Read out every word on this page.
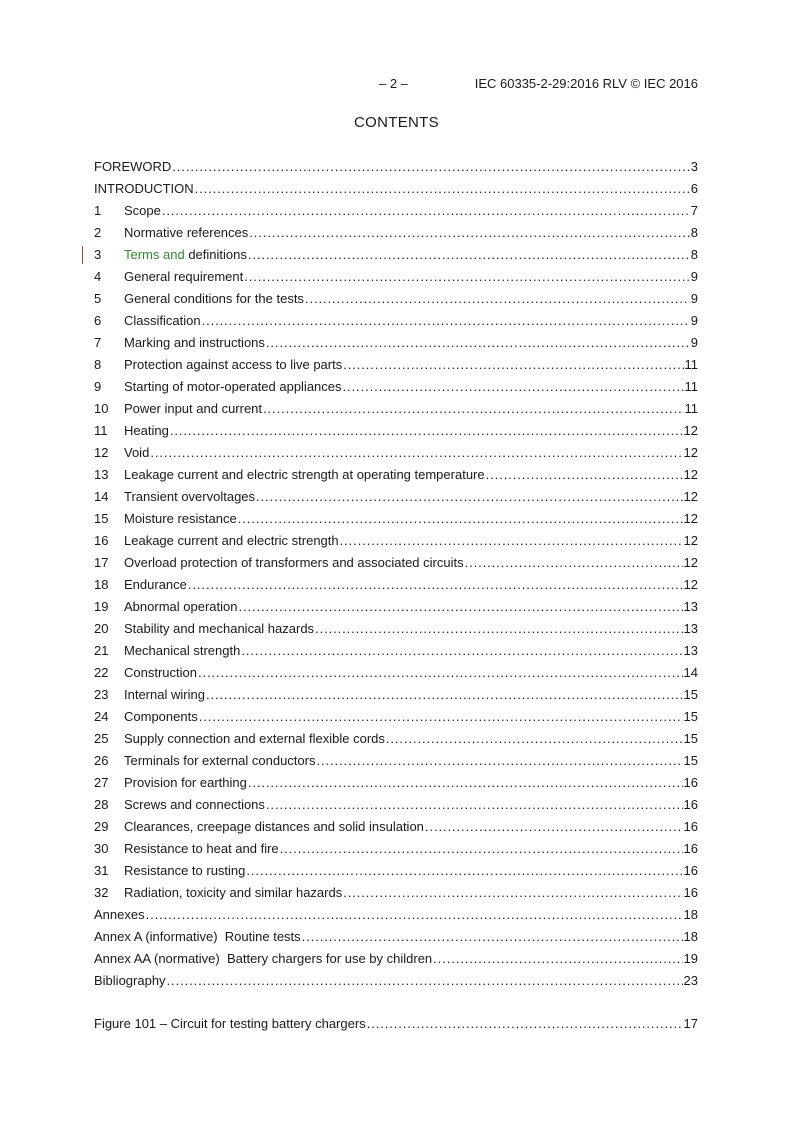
– 2 –	IEC 60335-2-29:2016 RLV © IEC 2016
CONTENTS
FOREWORD .....	3
INTRODUCTION .....	6
1	Scope .....	7
2	Normative references .....	8
3	Terms and definitions .....	8
4	General requirement .....	9
5	General conditions for the tests .....	9
6	Classification .....	9
7	Marking and instructions .....	9
8	Protection against access to live parts .....	11
9	Starting of motor-operated appliances .....	11
10	Power input and current .....	11
11	Heating .....	12
12	Void .....	12
13	Leakage current and electric strength at operating temperature .....	12
14	Transient overvoltages .....	12
15	Moisture resistance .....	12
16	Leakage current and electric strength .....	12
17	Overload protection of transformers and associated circuits .....	12
18	Endurance .....	12
19	Abnormal operation .....	13
20	Stability and mechanical hazards .....	13
21	Mechanical strength .....	13
22	Construction .....	14
23	Internal wiring .....	15
24	Components .....	15
25	Supply connection and external flexible cords .....	15
26	Terminals for external conductors .....	15
27	Provision for earthing .....	16
28	Screws and connections .....	16
29	Clearances, creepage distances and solid insulation .....	16
30	Resistance to heat and fire .....	16
31	Resistance to rusting .....	16
32	Radiation, toxicity and similar hazards .....	16
Annexes .....	18
Annex A (informative)  Routine tests .....	18
Annex AA (normative)  Battery chargers for use by children .....	19
Bibliography .....	23
Figure 101 – Circuit for testing battery chargers .....	17
